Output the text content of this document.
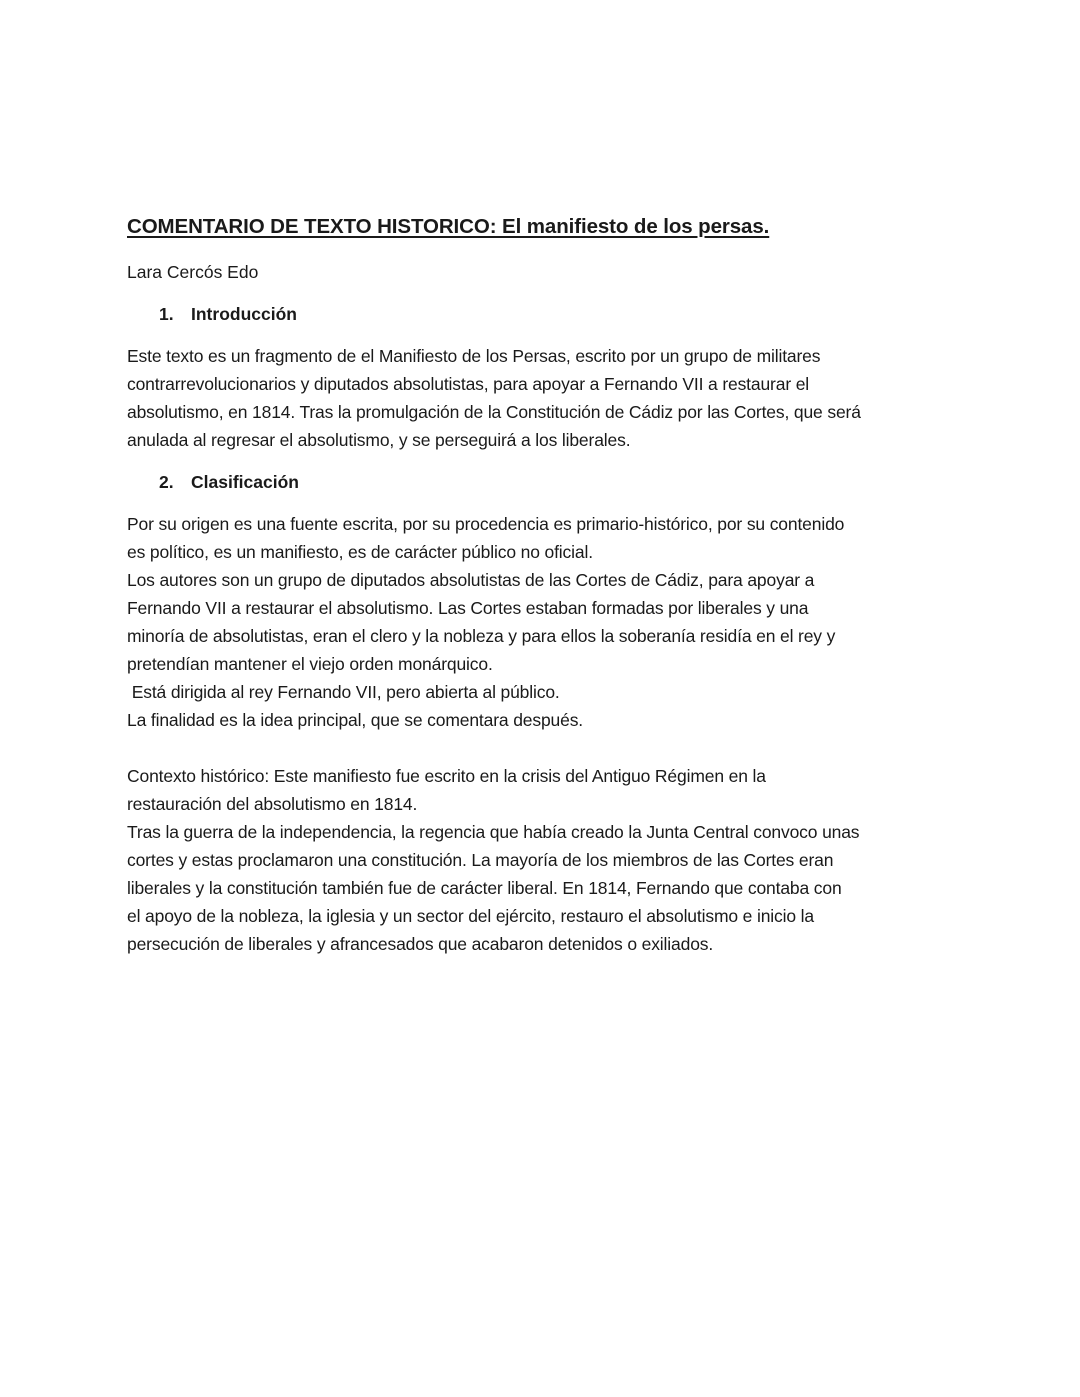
COMENTARIO DE TEXTO HISTORICO: El manifiesto de los persas.

Lara Cercós Edo

1. Introducción

Este texto es un fragmento de el Manifiesto de los Persas, escrito por un grupo de militares
contrarrevolucionarios y diputados absolutistas, para apoyar a Fernando VII a restaurar el
absolutismo, en 1814. Tras la promulgación de la Constitución de Cádiz por las Cortes, que será
anulada al regresar el absolutismo, y se perseguirá a los liberales.

2. Clasificación

Por su origen es una fuente escrita, por su procedencia es primario-histórico, por su contenido
es político, es un manifiesto, es de carácter público no oficial.
Los autores son un grupo de diputados absolutistas de las Cortes de Cádiz, para apoyar a
Fernando VII a restaurar el absolutismo. Las Cortes estaban formadas por liberales y una
minoría de absolutistas, eran el clero y la nobleza y para ellos la soberanía residía en el rey y
pretendían mantener el viejo orden monárquico.
Está dirigida al rey Fernando VII, pero abierta al público.
La finalidad es la idea principal, que se comentara después.
Contexto histórico: Este manifiesto fue escrito en la crisis del Antiguo Régimen en la
restauración del absolutismo en 1814.
Tras la guerra de la independencia, la regencia que había creado la Junta Central convoco unas
cortes y estas proclamaron una constitución. La mayoría de los miembros de las Cortes eran
liberales y la constitución también fue de carácter liberal. En 1814, Fernando que contaba con
el apoyo de la nobleza, la iglesia y un sector del ejército, restauro el absolutismo e inicio la
persecución de liberales y afrancesados que acabaron detenidos o exiliados.
